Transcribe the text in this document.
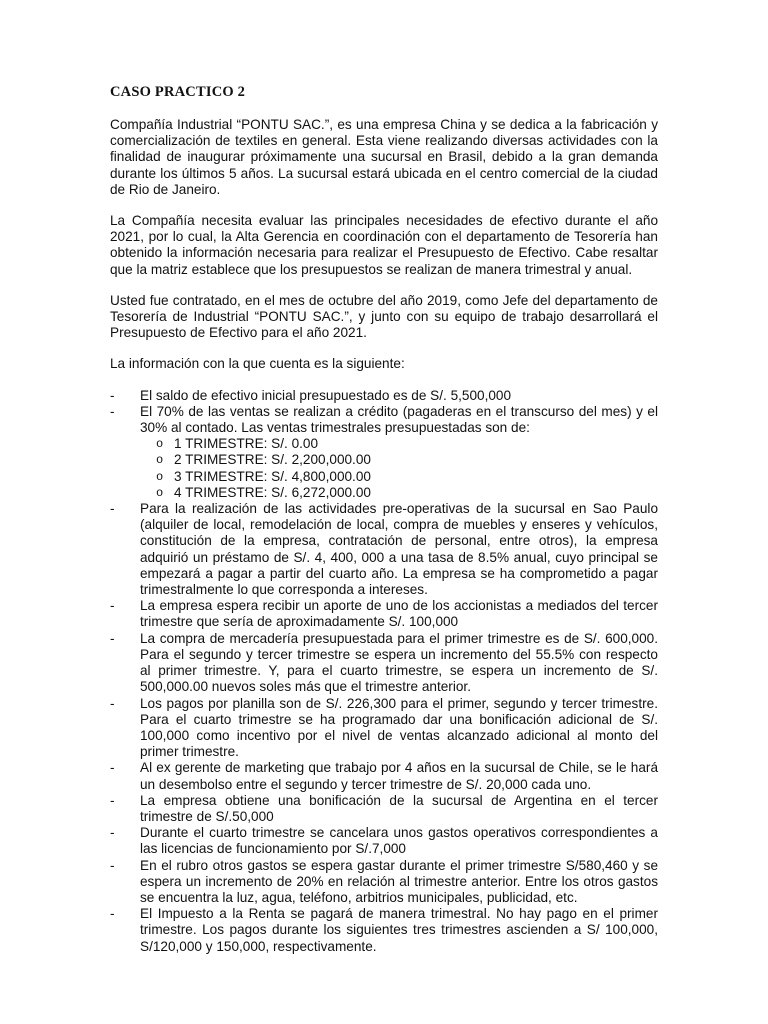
CASO PRACTICO 2

Compañía Industrial “PONTU SAC.”, es una empresa China y se dedica a la fabricación y comercialización de textiles en general. Esta viene realizando diversas actividades con la finalidad de inaugurar próximamente una sucursal en Brasil, debido a la gran demanda durante los últimos 5 años. La sucursal estará ubicada en el centro comercial de la ciudad de Rio de Janeiro.

La Compañía necesita evaluar las principales necesidades de efectivo durante el año 2021, por lo cual, la Alta Gerencia en coordinación con el departamento de Tesorería han obtenido la información necesaria para realizar el Presupuesto de Efectivo. Cabe resaltar que la matriz establece que los presupuestos se realizan de manera trimestral y anual.

Usted fue contratado, en el mes de octubre del año 2019, como Jefe del departamento de Tesorería de Industrial “PONTU SAC.”, y junto con su equipo de trabajo desarrollará el Presupuesto de Efectivo para el año 2021.

La información con la que cuenta es la siguiente:

- El saldo de efectivo inicial presupuestado es de S/. 5,500,000
- El 70% de las ventas se realizan a crédito (pagaderas en el transcurso del mes) y el 30% al contado. Las ventas trimestrales presupuestadas son de:
o 1 TRIMESTRE: S/. 0.00
o 2 TRIMESTRE: S/. 2,200,000.00
o 3 TRIMESTRE: S/. 4,800,000.00
o 4 TRIMESTRE: S/. 6,272,000.00
- Para la realización de las actividades pre-operativas de la sucursal en Sao Paulo (alquiler de local, remodelación de local, compra de muebles y enseres y vehículos, constitución de la empresa, contratación de personal, entre otros), la empresa adquirió un préstamo de S/. 4, 400, 000 a una tasa de 8.5% anual, cuyo principal se empezará a pagar a partir del cuarto año. La empresa se ha comprometido a pagar trimestralmente lo que corresponda a intereses.
- La empresa espera recibir un aporte de uno de los accionistas a mediados del tercer trimestre que sería de aproximadamente S/. 100,000
- La compra de mercadería presupuestada para el primer trimestre es de S/. 600,000. Para el segundo y tercer trimestre se espera un incremento del 55.5% con respecto al primer trimestre. Y, para el cuarto trimestre, se espera un incremento de S/. 500,000.00 nuevos soles más que el trimestre anterior.
- Los pagos por planilla son de S/. 226,300 para el primer, segundo y tercer trimestre. Para el cuarto trimestre se ha programado dar una bonificación adicional de S/. 100,000 como incentivo por el nivel de ventas alcanzado adicional al monto del primer trimestre.
- Al ex gerente de marketing que trabajo por 4 años en la sucursal de Chile, se le hará un desembolso entre el segundo y tercer trimestre de S/. 20,000 cada uno.
- La empresa obtiene una bonificación de la sucursal de Argentina en el tercer trimestre de S/.50,000
- Durante el cuarto trimestre se cancelara unos gastos operativos correspondientes a las licencias de funcionamiento por S/.7,000
- En el rubro otros gastos se espera gastar durante el primer trimestre S/580,460 y se espera un incremento de 20% en relación al trimestre anterior. Entre los otros gastos se encuentra la luz, agua, teléfono, arbitrios municipales, publicidad, etc.
- El Impuesto a la Renta se pagará de manera trimestral. No hay pago en el primer trimestre. Los pagos durante los siguientes tres trimestres ascienden a S/ 100,000, S/120,000 y 150,000, respectivamente.
